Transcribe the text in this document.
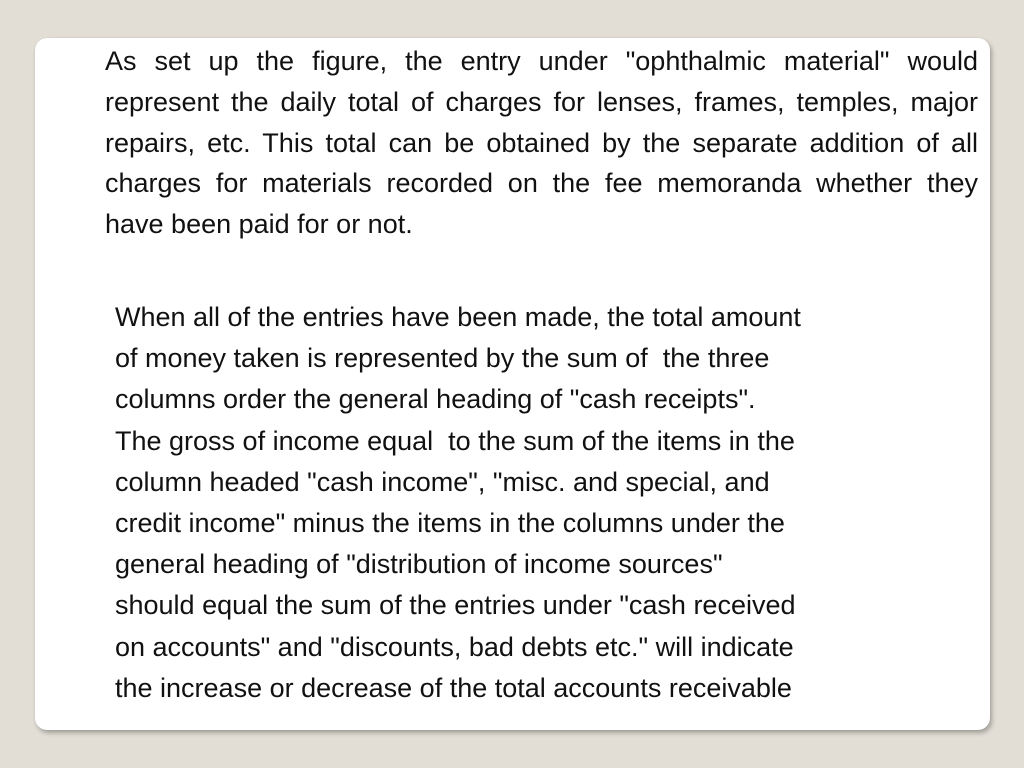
As set up the figure, the entry under "ophthalmic material" would represent the daily total of charges for lenses, frames, temples, major repairs, etc. This total can be obtained by the separate addition of all charges for materials recorded on the fee memoranda whether they have been paid for or not.

When all of the entries have been made, the total amount
of money taken is represented by the sum of  the three
columns order the general heading of "cash receipts".
The gross of income equal  to the sum of the items in the
column headed "cash income", "misc. and special, and
credit income" minus the items in the columns under the
general heading of "distribution of income sources"
should equal the sum of the entries under "cash received
on accounts" and "discounts, bad debts etc." will indicate
the increase or decrease of the total accounts receivable
